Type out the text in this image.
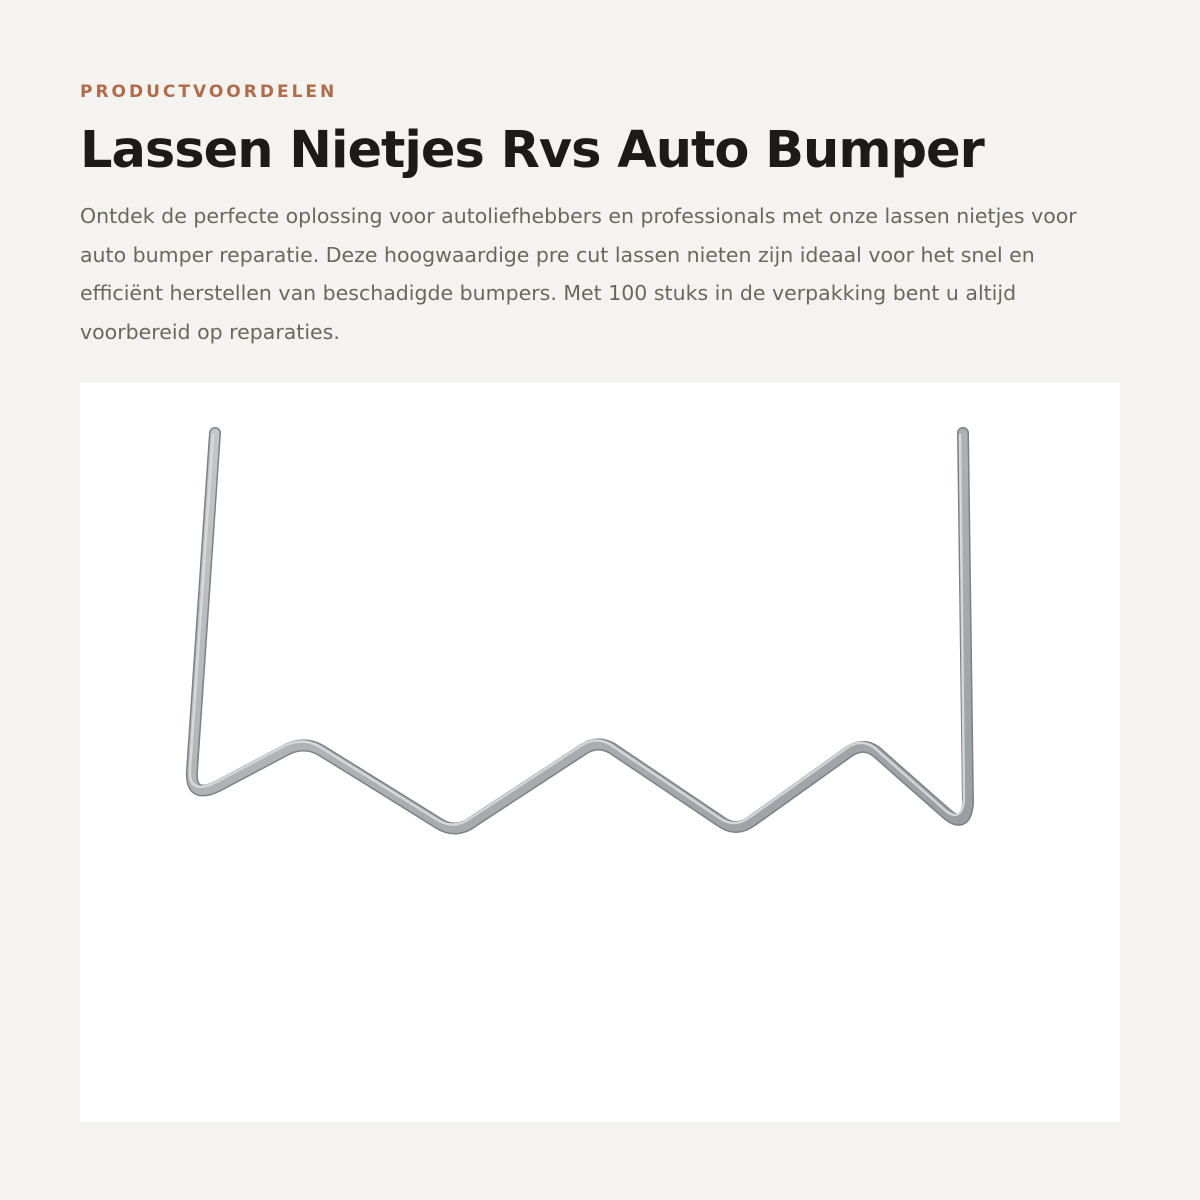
PRODUCTVOORDELEN

Lassen Nietjes Rvs Auto Bumper

Ontdek de perfecte oplossing voor autoliefhebbers en professionals met onze lassen nietjes voor auto bumper reparatie. Deze hoogwaardige pre cut lassen nieten zijn ideaal voor het snel en efficiënt herstellen van beschadigde bumpers. Met 100 stuks in de verpakking bent u altijd voorbereid op reparaties.
